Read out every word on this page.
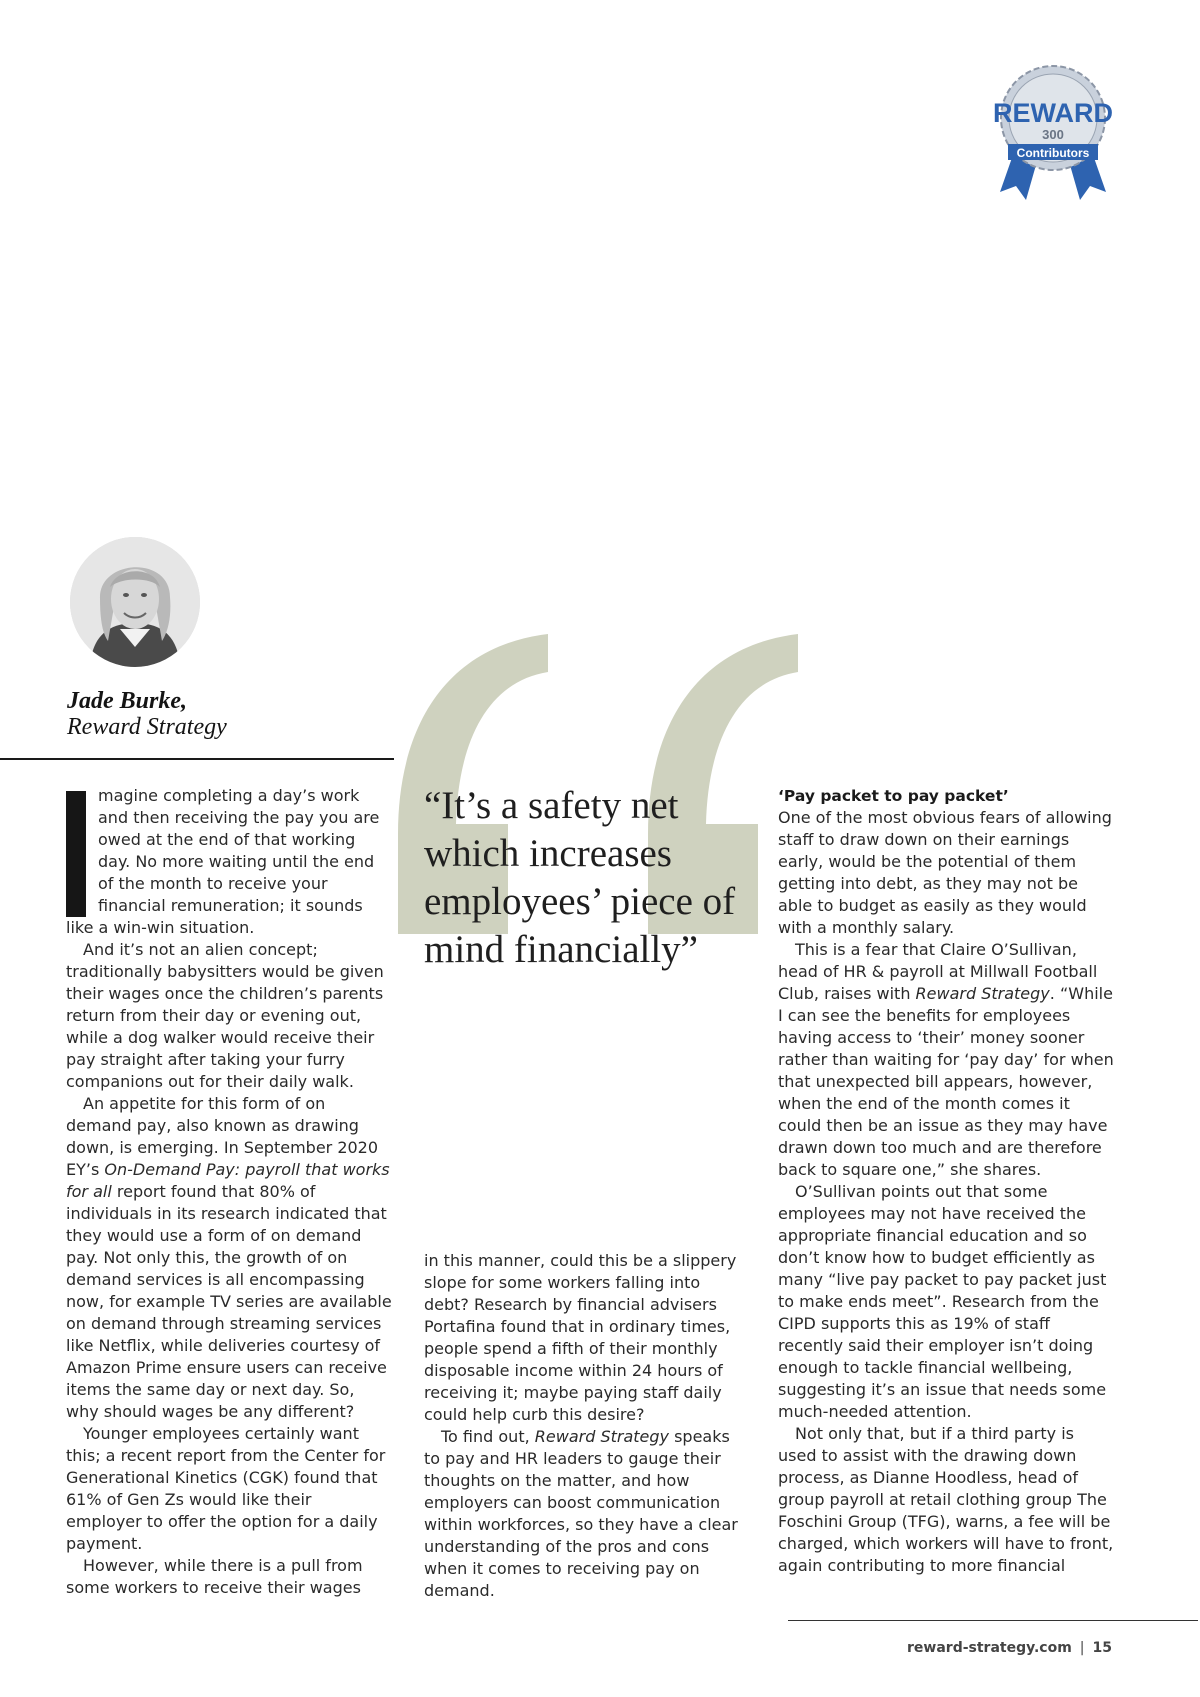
REWARD
300
Contributors
Jade Burke,
Reward Strategy

“It’s a safety net which increases employees’ piece of mind financially”

magine completing a day’s work and then receiving the pay you are owed at the end of that working day. No more waiting until the end of the month to receive your financial remuneration; it sounds like a win-win situation.

And it’s not an alien concept; traditionally babysitters would be given their wages once the children’s parents return from their day or evening out, while a dog walker would receive their pay straight after taking your furry companions out for their daily walk.

An appetite for this form of on demand pay, also known as drawing down, is emerging. In September 2020 EY’s On-Demand Pay: payroll that works for all report found that 80% of individuals in its research indicated that they would use a form of on demand pay. Not only this, the growth of on demand services is all encompassing now, for example TV series are available on demand through streaming services like Netflix, while deliveries courtesy of Amazon Prime ensure users can receive items the same day or next day. So, why should wages be any different?

Younger employees certainly want this; a recent report from the Center for Generational Kinetics (CGK) found that 61% of Gen Zs would like their employer to offer the option for a daily payment.

However, while there is a pull from some workers to receive their wages

in this manner, could this be a slippery slope for some workers falling into debt? Research by financial advisers Portafina found that in ordinary times, people spend a fifth of their monthly disposable income within 24 hours of receiving it; maybe paying staff daily could help curb this desire?

To find out, Reward Strategy speaks to pay and HR leaders to gauge their thoughts on the matter, and how employers can boost communication within workforces, so they have a clear understanding of the pros and cons when it comes to receiving pay on demand.

‘Pay packet to pay packet’

One of the most obvious fears of allowing staff to draw down on their earnings early, would be the potential of them getting into debt, as they may not be able to budget as easily as they would with a monthly salary.

This is a fear that Claire O’Sullivan, head of HR & payroll at Millwall Football Club, raises with Reward Strategy. “While I can see the benefits for employees having access to ‘their’ money sooner rather than waiting for ‘pay day’ for when that unexpected bill appears, however, when the end of the month comes it could then be an issue as they may have drawn down too much and are therefore back to square one,” she shares.

O’Sullivan points out that some employees may not have received the appropriate financial education and so don’t know how to budget efficiently as many “live pay packet to pay packet just to make ends meet”. Research from the CIPD supports this as 19% of staff recently said their employer isn’t doing enough to tackle financial wellbeing, suggesting it’s an issue that needs some much-needed attention.

Not only that, but if a third party is used to assist with the drawing down process, as Dianne Hoodless, head of group payroll at retail clothing group The Foschini Group (TFG), warns, a fee will be charged, which workers will have to front, again contributing to more financial

reward-strategy.com | 15
